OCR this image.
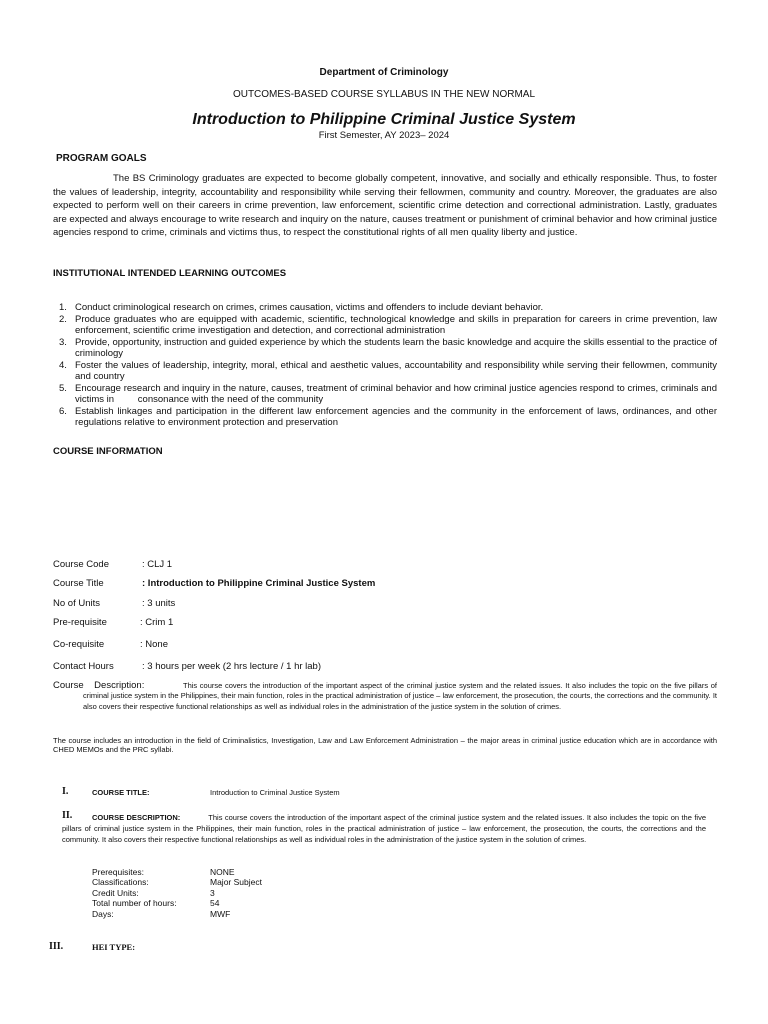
Department of Criminology
OUTCOMES-BASED COURSE SYLLABUS IN THE NEW NORMAL
Introduction to Philippine Criminal Justice System
First Semester, AY 2023– 2024
PROGRAM GOALS
The BS Criminology graduates are expected to become globally competent, innovative, and socially and ethically responsible. Thus, to foster the values of leadership, integrity, accountability and responsibility while serving their fellowmen, community and country. Moreover, the graduates are also expected to perform well on their careers in crime prevention, law enforcement, scientific crime detection and correctional administration. Lastly, graduates are expected and always encourage to write research and inquiry on the nature, causes treatment or punishment of criminal behavior and how criminal justice agencies respond to crime, criminals and victims thus, to respect the constitutional rights of all men quality liberty and justice.
INSTITUTIONAL INTENDED LEARNING OUTCOMES
1. Conduct criminological research on crimes, crimes causation, victims and offenders to include deviant behavior.
2. Produce graduates who are equipped with academic, scientific, technological knowledge and skills in preparation for careers in crime prevention, law enforcement, scientific crime investigation and detection, and correctional administration
3. Provide, opportunity, instruction and guided experience by which the students learn the basic knowledge and acquire the skills essential to the practice of criminology
4. Foster the values of leadership, integrity, moral, ethical and aesthetic values, accountability and responsibility while serving their fellowmen, community and country
5. Encourage research and inquiry in the nature, causes, treatment of criminal behavior and how criminal justice agencies respond to crimes, criminals and victims in         consonance with the need of the community
6. Establish linkages and participation in the different law enforcement agencies and the community in the enforcement of laws, ordinances, and other regulations relative to environment protection and preservation
COURSE INFORMATION
Course Code	: CLJ 1
Course Title	: Introduction to Philippine Criminal Justice System
No of Units	: 3 units
Pre-requisite	: Crim 1
Co-requisite	: None
Contact Hours	: 3 hours per week (2 hrs lecture / 1 hr lab)
Course    Description:	This course covers the introduction of the important aspect of the criminal justice system and the related issues. It also includes the topic on the five pillars of criminal justice system in the Philippines, their main function, roles in the practical administration of justice – law enforcement, the prosecution, the courts, the corrections and the community. It also covers their respective functional relationships as well as individual roles in the administration of the justice system in the solution of crimes.
The course includes an introduction in the field of Criminalistics, Investigation, Law and Law Enforcement Administration – the major areas in criminal justice education which are in accordance with CHED MEMOs and the PRC syllabi.
I.	COURSE TITLE:	Introduction to Criminal Justice System
II.	COURSE DESCRIPTION:	This course covers the introduction of the important aspect of the criminal justice system and the related issues. It also includes the topic on the five pillars of criminal justice system in the Philippines, their main function, roles in the practical administration of justice – law enforcement, the prosecution, the courts, the corrections and the community. It also covers their respective functional relationships as well as individual roles in the administration of the justice system in the solution of crimes.
Prerequisites:	NONE
Classifications:	Major Subject
Credit Units:	3
Total number of hours:	54
Days:	MWF
III.	HEI TYPE:
